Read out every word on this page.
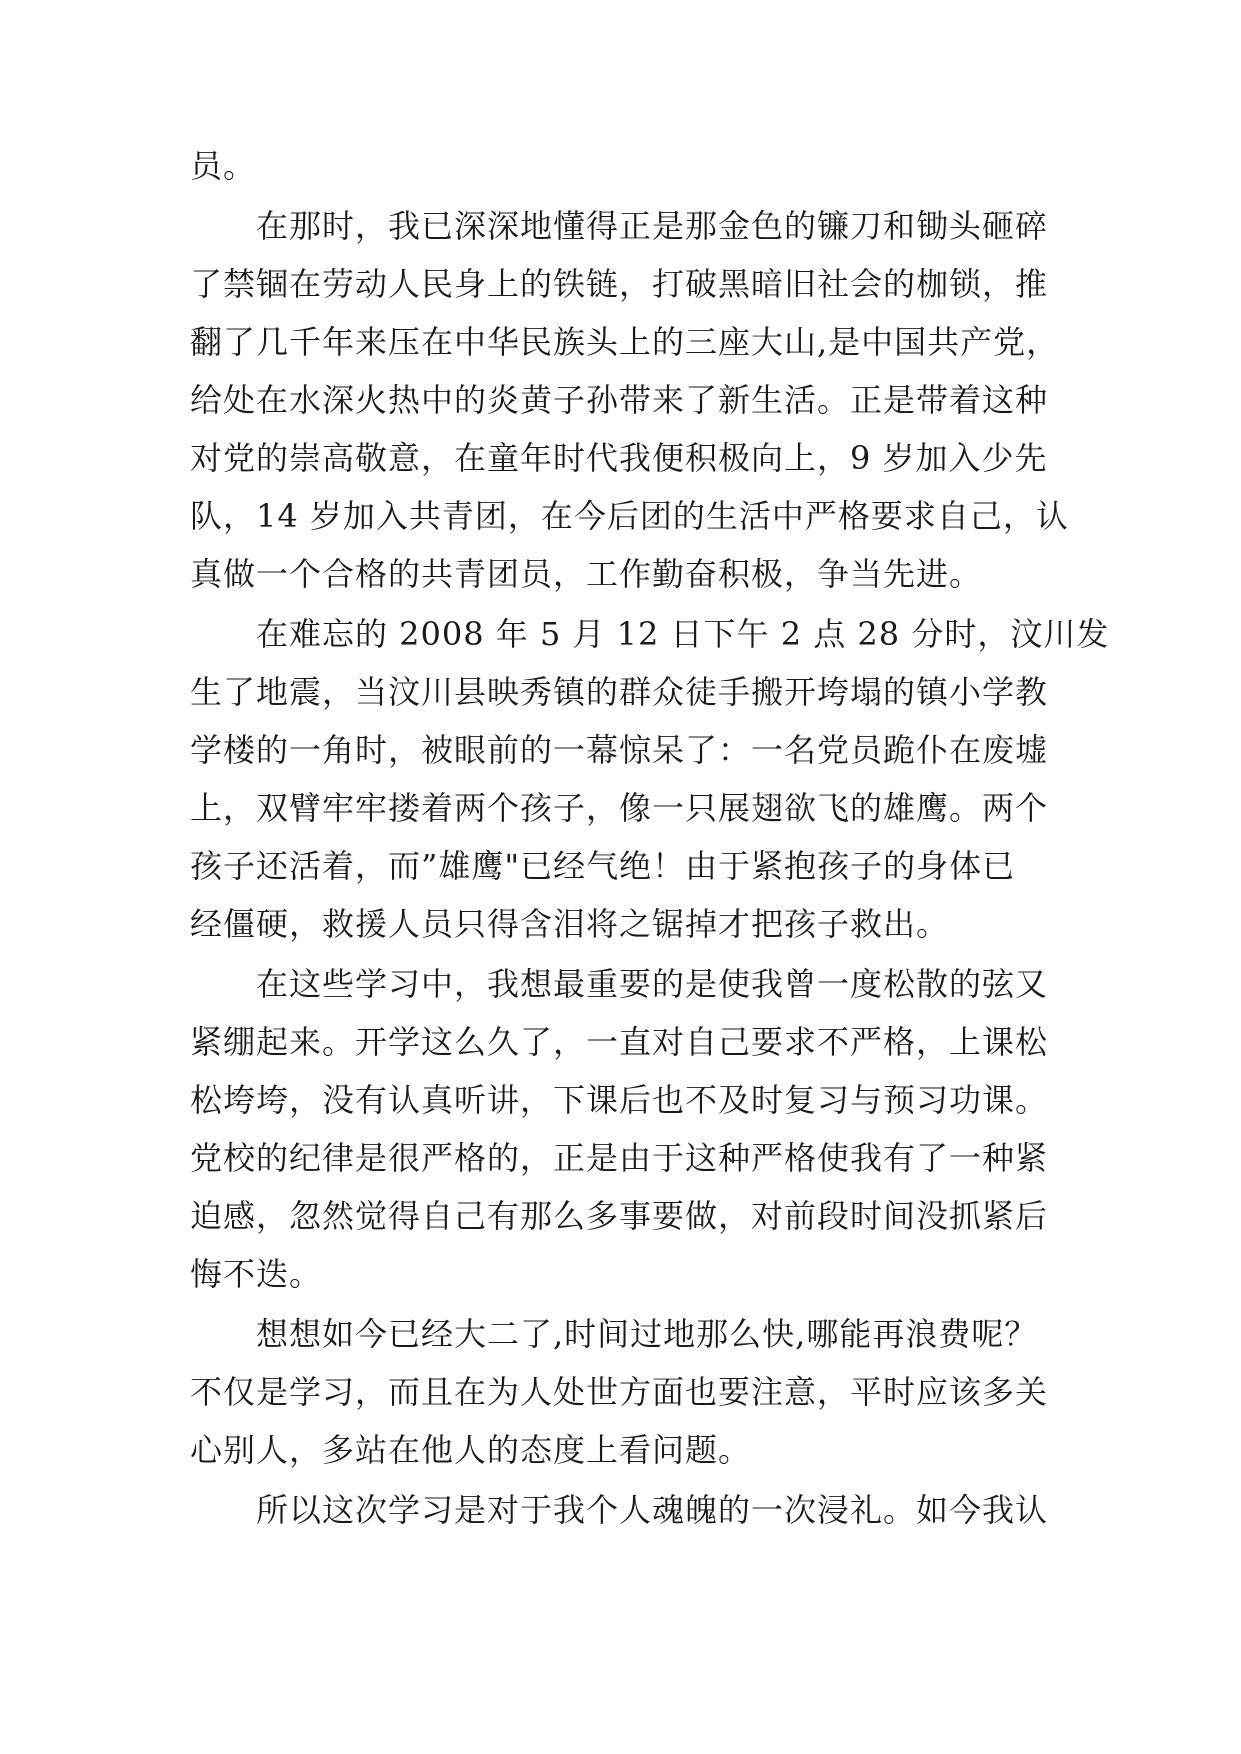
员。
在那时，我已深深地懂得正是那金色的镰刀和锄头砸碎
了禁锢在劳动人民身上的铁链，打破黑暗旧社会的枷锁，推
翻了几千年来压在中华民族头上的三座大山,是中国共产党，
给处在水深火热中的炎黄子孙带来了新生活。正是带着这种
对党的崇高敬意，在童年时代我便积极向上，9 岁加入少先
队，14 岁加入共青团，在今后团的生活中严格要求自己，认
真做一个合格的共青团员，工作勤奋积极，争当先进。
在难忘的 2008 年 5 月 12 日下午 2 点 28 分时，汶川发
生了地震，当汶川县映秀镇的群众徒手搬开垮塌的镇小学教
学楼的一角时，被眼前的一幕惊呆了：一名党员跪仆在废墟
上，双臂牢牢搂着两个孩子，像一只展翅欲飞的雄鹰。两个
孩子还活着，而”雄鹰"已经气绝！由于紧抱孩子的身体已
经僵硬，救援人员只得含泪将之锯掉才把孩子救出。
在这些学习中，我想最重要的是使我曾一度松散的弦又
紧绷起来。开学这么久了，一直对自己要求不严格，上课松
松垮垮，没有认真听讲，下课后也不及时复习与预习功课。
党校的纪律是很严格的，正是由于这种严格使我有了一种紧
迫感，忽然觉得自己有那么多事要做，对前段时间没抓紧后
悔不迭。
想想如今已经大二了,时间过地那么快,哪能再浪费呢？
不仅是学习，而且在为人处世方面也要注意，平时应该多关
心别人，多站在他人的态度上看问题。
所以这次学习是对于我个人魂魄的一次浸礼。如今我认
